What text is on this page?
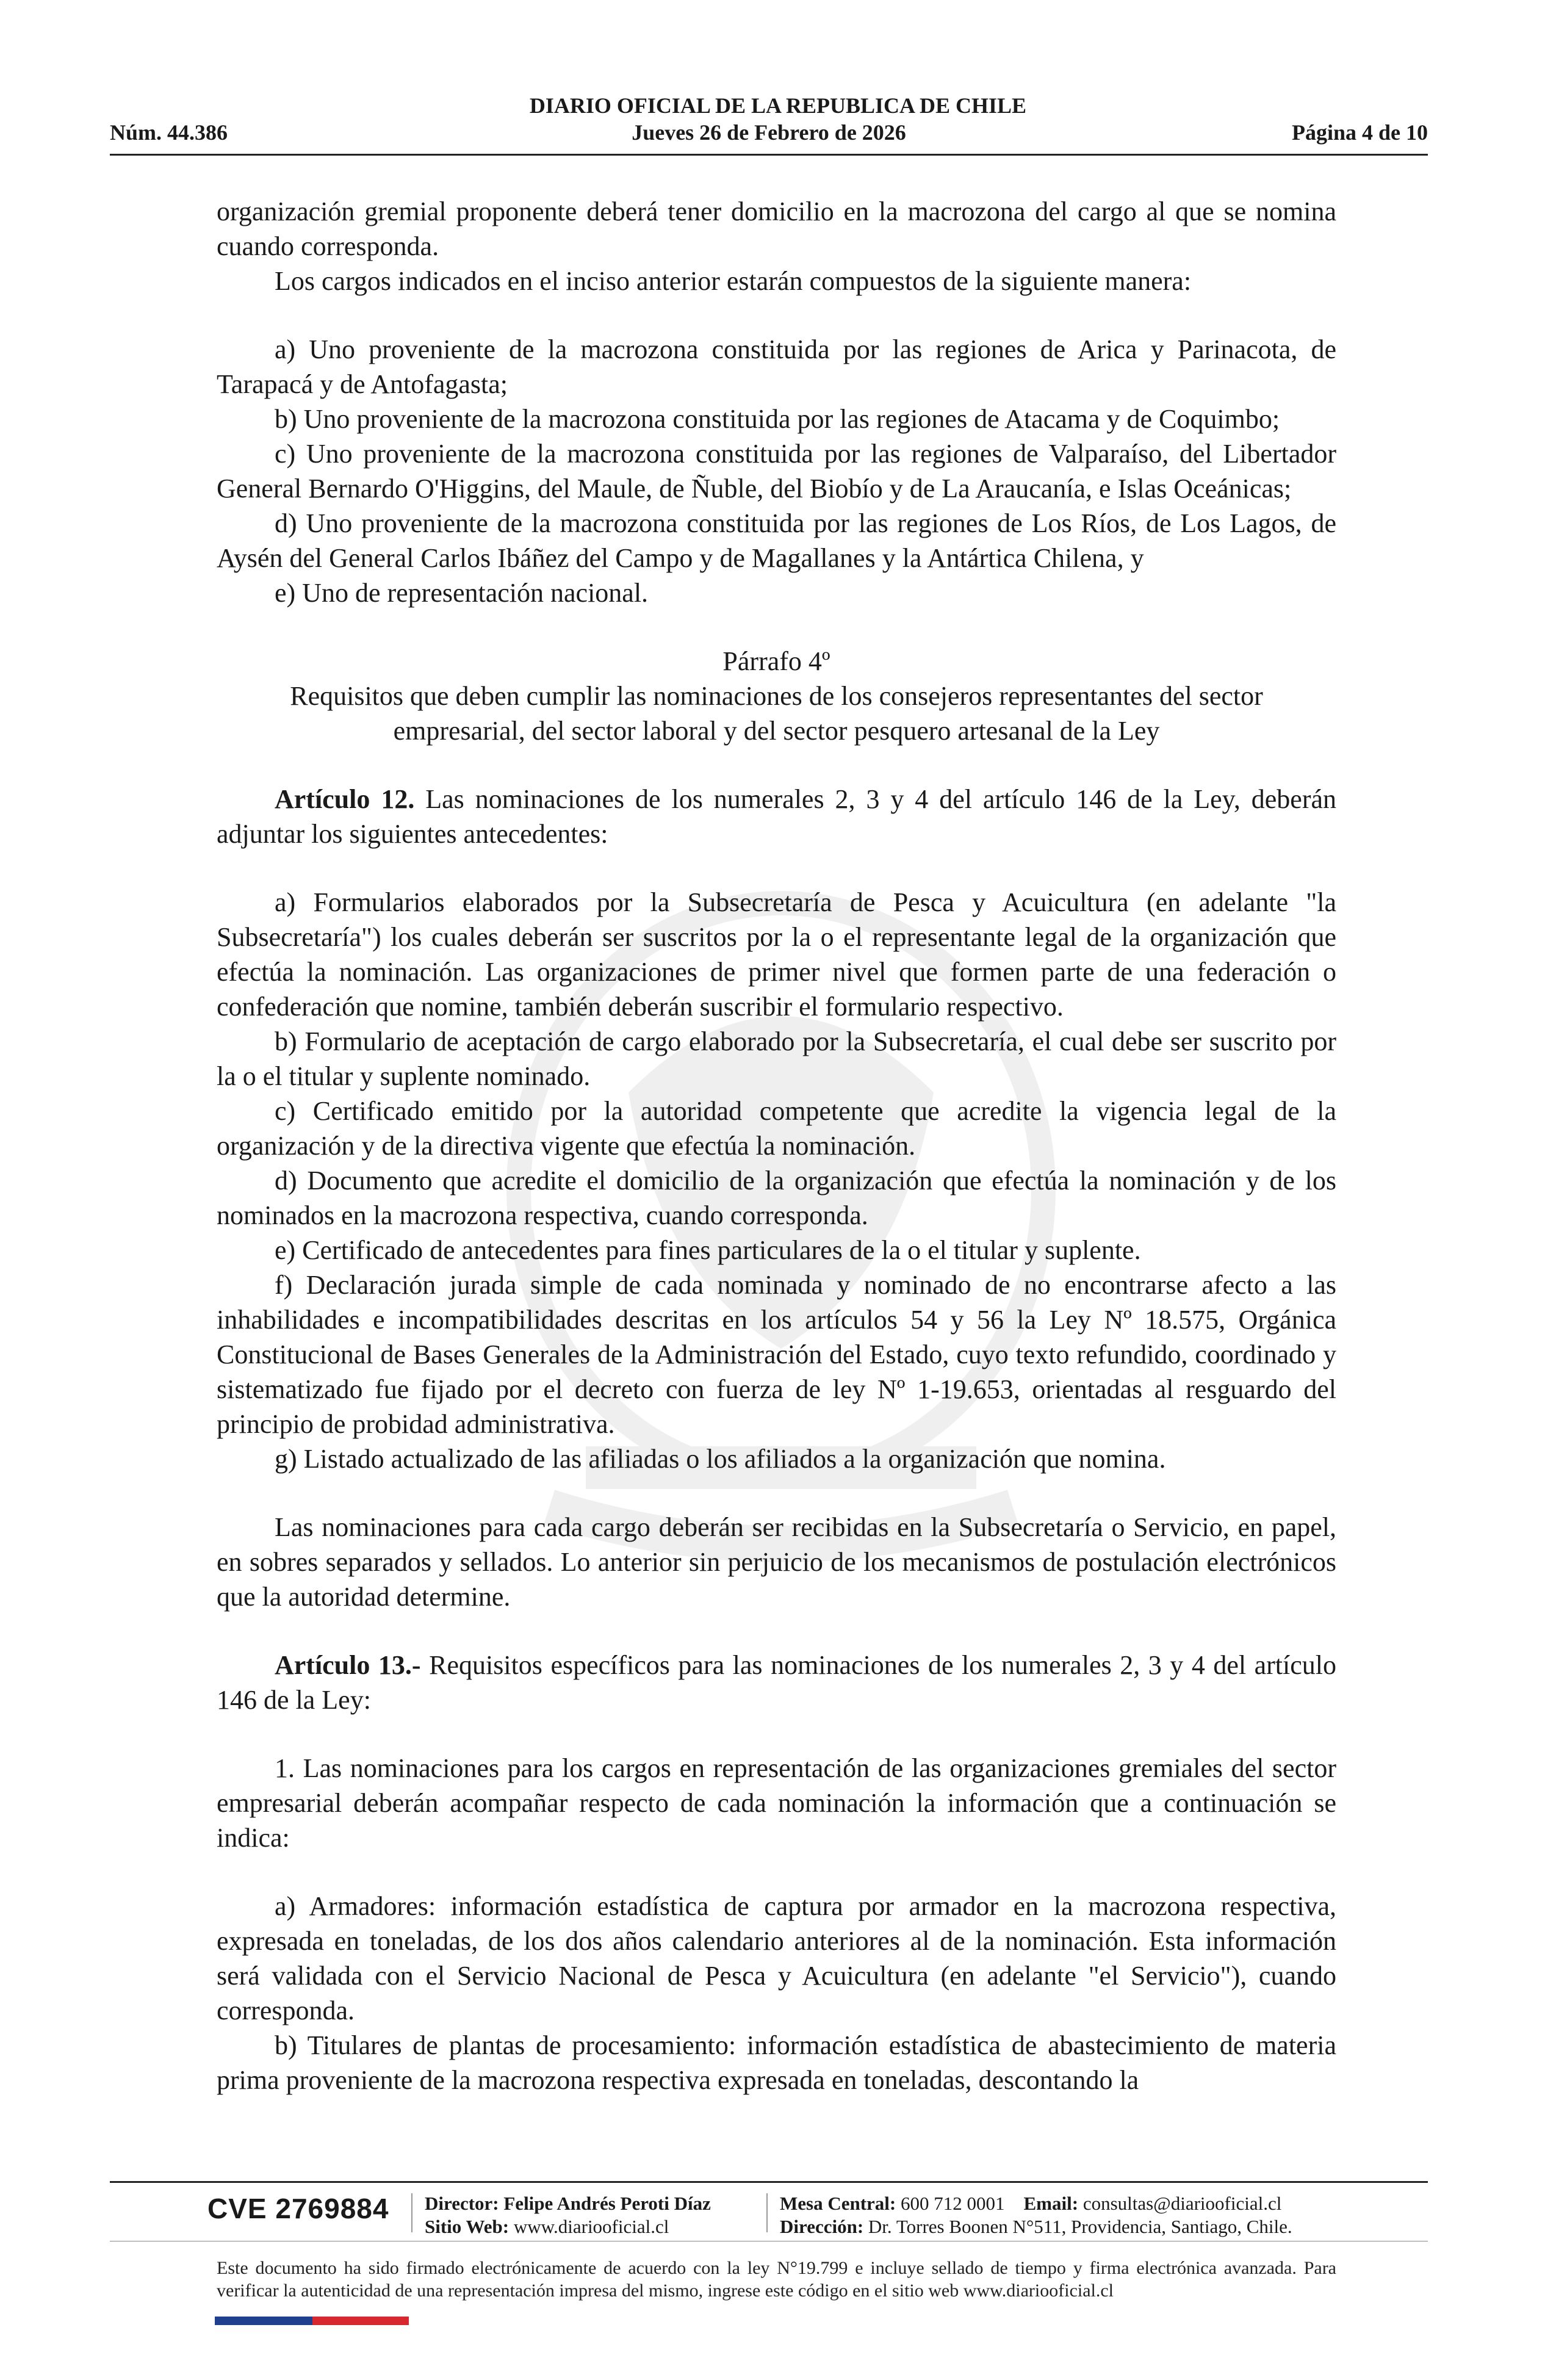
DIARIO OFICIAL DE LA REPUBLICA DE CHILE
Núm. 44.386	Jueves 26 de Febrero de 2026	Página 4 de 10

organización gremial proponente deberá tener domicilio en la macrozona del cargo al que se nomina cuando corresponda.

Los cargos indicados en el inciso anterior estarán compuestos de la siguiente manera:

a) Uno proveniente de la macrozona constituida por las regiones de Arica y Parinacota, de Tarapacá y de Antofagasta;

b) Uno proveniente de la macrozona constituida por las regiones de Atacama y de Coquimbo;

c) Uno proveniente de la macrozona constituida por las regiones de Valparaíso, del Libertador General Bernardo O'Higgins, del Maule, de Ñuble, del Biobío y de La Araucanía, e Islas Oceánicas;

d) Uno proveniente de la macrozona constituida por las regiones de Los Ríos, de Los Lagos, de Aysén del General Carlos Ibáñez del Campo y de Magallanes y la Antártica Chilena, y

e) Uno de representación nacional.

Párrafo 4º

Requisitos que deben cumplir las nominaciones de los consejeros representantes del sector empresarial, del sector laboral y del sector pesquero artesanal de la Ley

Artículo 12. Las nominaciones de los numerales 2, 3 y 4 del artículo 146 de la Ley, deberán adjuntar los siguientes antecedentes:

a) Formularios elaborados por la Subsecretaría de Pesca y Acuicultura (en adelante "la Subsecretaría") los cuales deberán ser suscritos por la o el representante legal de la organización que efectúa la nominación. Las organizaciones de primer nivel que formen parte de una federación o confederación que nomine, también deberán suscribir el formulario respectivo.

b) Formulario de aceptación de cargo elaborado por la Subsecretaría, el cual debe ser suscrito por la o el titular y suplente nominado.

c) Certificado emitido por la autoridad competente que acredite la vigencia legal de la organización y de la directiva vigente que efectúa la nominación.

d) Documento que acredite el domicilio de la organización que efectúa la nominación y de los nominados en la macrozona respectiva, cuando corresponda.

e) Certificado de antecedentes para fines particulares de la o el titular y suplente.

f) Declaración jurada simple de cada nominada y nominado de no encontrarse afecto a las inhabilidades e incompatibilidades descritas en los artículos 54 y 56 la Ley Nº 18.575, Orgánica Constitucional de Bases Generales de la Administración del Estado, cuyo texto refundido, coordinado y sistematizado fue fijado por el decreto con fuerza de ley Nº 1-19.653, orientadas al resguardo del principio de probidad administrativa.

g) Listado actualizado de las afiliadas o los afiliados a la organización que nomina.

Las nominaciones para cada cargo deberán ser recibidas en la Subsecretaría o Servicio, en papel, en sobres separados y sellados. Lo anterior sin perjuicio de los mecanismos de postulación electrónicos que la autoridad determine.

Artículo 13.- Requisitos específicos para las nominaciones de los numerales 2, 3 y 4 del artículo 146 de la Ley:

1. Las nominaciones para los cargos en representación de las organizaciones gremiales del sector empresarial deberán acompañar respecto de cada nominación la información que a continuación se indica:

a) Armadores: información estadística de captura por armador en la macrozona respectiva, expresada en toneladas, de los dos años calendario anteriores al de la nominación. Esta información será validada con el Servicio Nacional de Pesca y Acuicultura (en adelante "el Servicio"), cuando corresponda.

b) Titulares de plantas de procesamiento: información estadística de abastecimiento de materia prima proveniente de la macrozona respectiva expresada en toneladas, descontando la

CVE 2769884 Director: Felipe Andrés Peroti Díaz
Sitio Web: www.diariooficial.cl
Mesa Central: 600 712 0001 Email: consultas@diariooficial.cl
Dirección: Dr. Torres Boonen N°511, Providencia, Santiago, Chile.
Este documento ha sido firmado electrónicamente de acuerdo con la ley N°19.799 e incluye sellado de tiempo y firma electrónica avanzada. Para verificar la autenticidad de una representación impresa del mismo, ingrese este código en el sitio web www.diariooficial.cl
